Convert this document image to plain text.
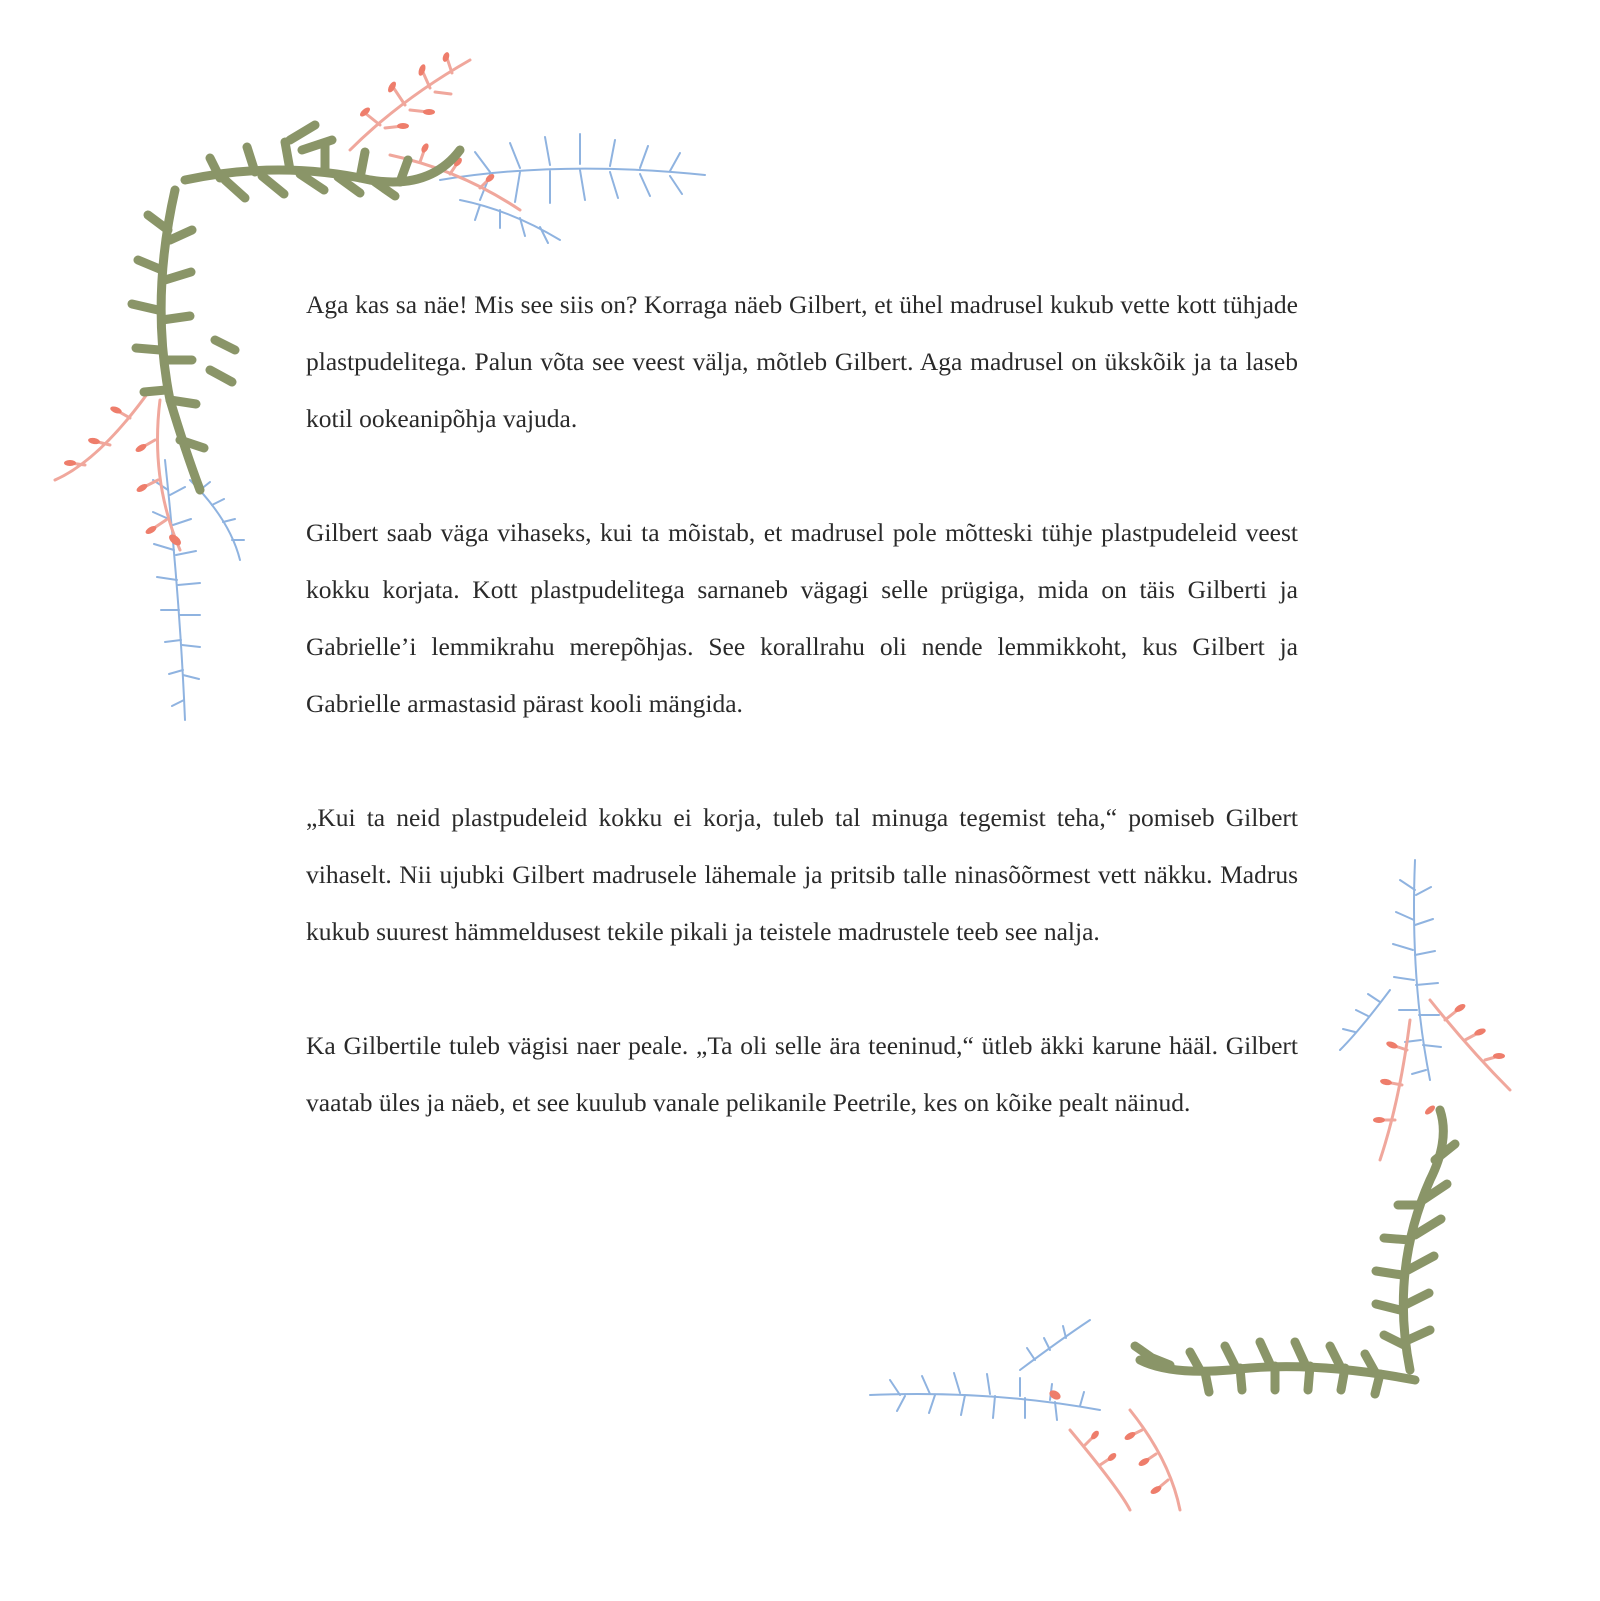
Aga kas sa näe! Mis see siis on? Korraga näeb Gilbert, et ühel madrusel kukub vette kott tühjade plastpudelitega. Palun võta see veest välja, mõtleb Gilbert. Aga madrusel on ükskõik ja ta laseb kotil ookeanipõhja vajuda.

Gilbert saab väga vihaseks, kui ta mõistab, et madrusel pole mõtteski tühje plastpudeleid veest kokku korjata. Kott plastpudelitega sarnaneb vägagi selle prügiga, mida on täis Gilberti ja Gabrielle’i lemmikrahu merepõhjas. See korallrahu oli nende lemmikkoht, kus Gilbert ja Gabrielle armastasid pärast kooli mängida.

„Kui ta neid plastpudeleid kokku ei korja, tuleb tal minuga tegemist teha,“ pomiseb Gilbert vihaselt. Nii ujubki Gilbert madrusele lähemale ja pritsib talle ninasõõrmest vett näkku. Madrus kukub suurest hämmeldusest tekile pikali ja teistele madrustele teeb see nalja.

Ka Gilbertile tuleb vägisi naer peale. „Ta oli selle ära teeninud,“ ütleb äkki karune hääl. Gilbert vaatab üles ja näeb, et see kuulub vanale pelikanile Peetrile, kes on kõike pealt näinud.
